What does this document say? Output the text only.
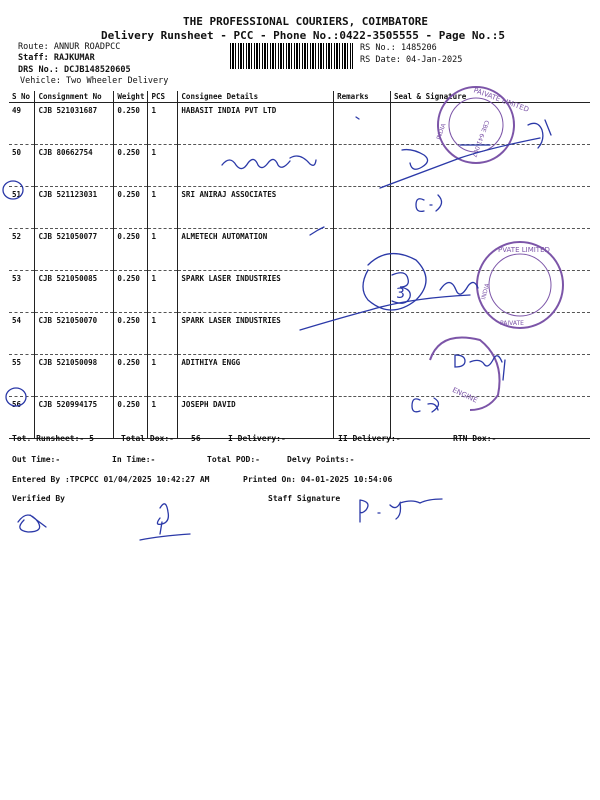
THE PROFESSIONAL COURIERS, COIMBATORE
Delivery Runsheet - PCC - Phone No.:0422-3505555 - Page No.:5
Route: ANNUR ROADPCC
Staff: RAJKUMAR
DRS No.: DCJB148520605
Vehicle: Two Wheeler Delivery
RS No.: 1485206
RS Date: 04-Jan-2025
S No	Consignment No	Weight	PCS	Consignee Details	Remarks	Seal & Signature
49	CJB 521031687	0.250	1	HABASIT INDIA PVT LTD		
50	CJB 80662754	0.250	1			
51	CJB 521123031	0.250	1	SRI ANIRAJ ASSOCIATES		
52	CJB 521050077	0.250	1	ALMETECH AUTOMATION		
53	CJB 521050085	0.250	1	SPARK LASER INDUSTRIES		
54	CJB 521050070	0.250	1	SPARK LASER INDUSTRIES		
55	CJB 521050098	0.250	1	ADITHIYA ENGG		
56	CJB 520994175	0.250	1	JOSEPH DAVID		
Tot. Runsheet:- 5	Total Dox:- 56	I Delivery:-	II Delivery:-	RTN Dox:-
Out Time:-	In Time:-	Total POD:-	Delvy Points:-
Entered By :TPCPCC 01/04/2025 10:42:27 AM	Printed On: 04-01-2025 10:54:06
Verified By	Staff Signature
PAIVATE LIMITED
INDIA	CBE 641 007
PVATE LIMITED
INDIA
PAIVATE
ENGINE
3
